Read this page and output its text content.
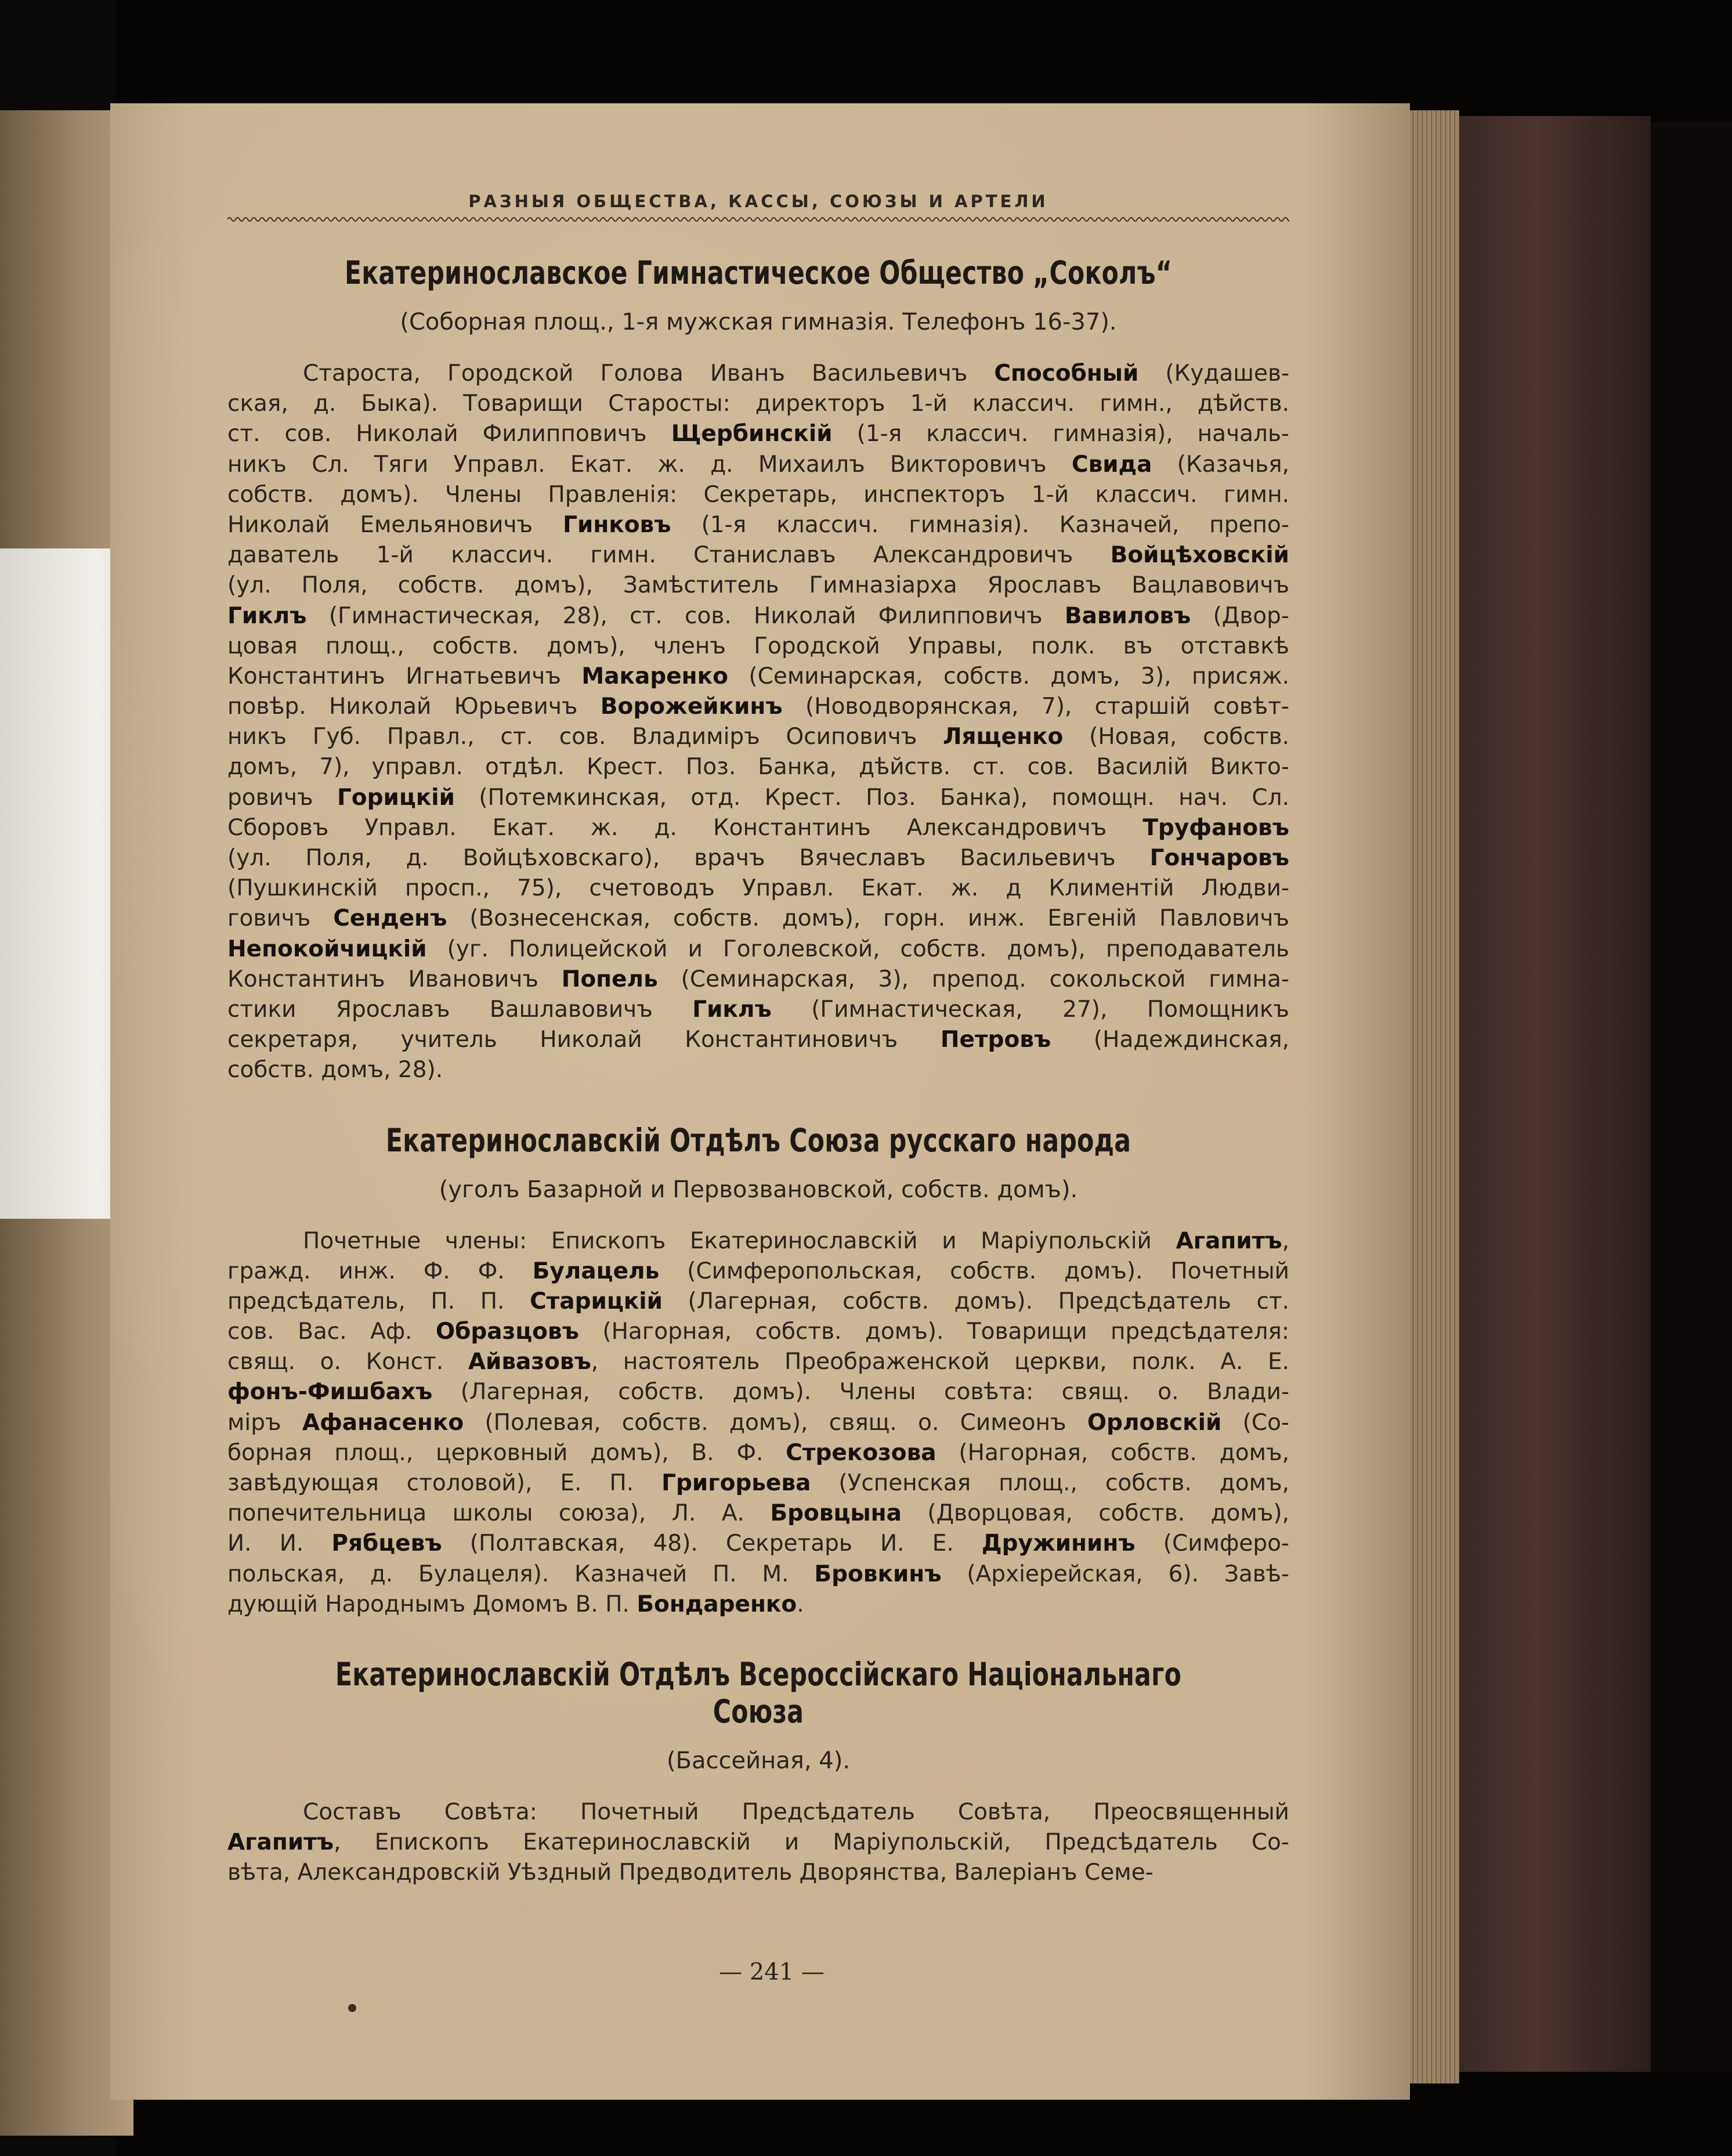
РАЗНЫЯ ОБЩЕСТВА, КАССЫ, СОЮЗЫ И АРТЕЛИ
Екатеринославское Гимнастическое Общество „Соколъ“

(Соборная площ., 1-я мужская гимназія. Телефонъ 16-37).

Староста, Городской Голова Иванъ Васильевичъ Способный (Кудашев-
ская, д. Быка). Товарищи Старосты: директоръ 1-й классич. гимн., дѣйств.
ст. сов. Николай Филипповичъ Щербинскій (1-я классич. гимназія), началь-
никъ Сл. Тяги Управл. Екат. ж. д. Михаилъ Викторовичъ Свида (Казачья,
собств. домъ). Члены Правленія: Секретарь, инспекторъ 1-й классич. гимн.
Николай Емельяновичъ Гинковъ (1-я классич. гимназія). Казначей, препо-
даватель 1-й классич. гимн. Станиславъ Александровичъ Войцѣховскій
(ул. Поля, собств. домъ), Замѣститель Гимназіарха Ярославъ Вацлавовичъ
Гиклъ (Гимнастическая, 28), ст. сов. Николай Филипповичъ Вавиловъ (Двор-
цовая площ., собств. домъ), членъ Городской Управы, полк. въ отставкѣ
Константинъ Игнатьевичъ Макаренко (Семинарская, собств. домъ, 3), присяж.
повѣр. Николай Юрьевичъ Ворожейкинъ (Новодворянская, 7), старшій совѣт-
никъ Губ. Правл., ст. сов. Владиміръ Осиповичъ Лященко (Новая, собств.
домъ, 7), управл. отдѣл. Крест. Поз. Банка, дѣйств. ст. сов. Василій Викто-
ровичъ Горицкій (Потемкинская, отд. Крест. Поз. Банка), помощн. нач. Сл.
Сборовъ Управл. Екат. ж. д. Константинъ Александровичъ Труфановъ
(ул. Поля, д. Войцѣховскаго), врачъ Вячеславъ Васильевичъ Гончаровъ
(Пушкинскій просп., 75), счетоводъ Управл. Екат. ж. д Климентій Людви-
говичъ Сенденъ (Вознесенская, собств. домъ), горн. инж. Евгеній Павловичъ
Непокойчицкій (уг. Полицейской и Гоголевской, собств. домъ), преподаватель
Константинъ Ивановичъ Попель (Семинарская, 3), препод. сокольской гимна-
стики Ярославъ Вашлавовичъ Гиклъ (Гимнастическая, 27), Помощникъ
секретаря, учитель Николай Константиновичъ Петровъ (Надеждинская,
собств. домъ, 28).
Екатеринославскій Отдѣлъ Союза русскаго народа

(уголъ Базарной и Первозвановской, собств. домъ).

Почетные члены: Епископъ Екатеринославскій и Маріупольскій Агапитъ,
гражд. инж. Ф. Ф. Булацель (Симферопольская, собств. домъ). Почетный
предсѣдатель, П. П. Старицкій (Лагерная, собств. домъ). Предсѣдатель ст.
сов. Вас. Аф. Образцовъ (Нагорная, собств. домъ). Товарищи предсѣдателя:
свящ. о. Конст. Айвазовъ, настоятель Преображенской церкви, полк. А. Е.
фонъ-Фишбахъ (Лагерная, собств. домъ). Члены совѣта: свящ. о. Влади-
міръ Афанасенко (Полевая, собств. домъ), свящ. о. Симеонъ Орловскій (Со-
борная площ., церковный домъ), В. Ф. Стрекозова (Нагорная, собств. домъ,
завѣдующая столовой), Е. П. Григорьева (Успенская площ., собств. домъ,
попечительница школы союза), Л. А. Бровцына (Дворцовая, собств. домъ),
И. И. Рябцевъ (Полтавская, 48). Секретарь И. Е. Дружининъ (Симферо-
польская, д. Булацеля). Казначей П. М. Бровкинъ (Архіерейская, 6). Завѣ-
дующій Народнымъ Домомъ В. П. Бондаренко.
Екатеринославскій Отдѣлъ Всероссійскаго Національнаго Союза

(Бассейная, 4).

Составъ Совѣта: Почетный Предсѣдатель Совѣта, Преосвященный
Агапитъ, Епископъ Екатеринославскій и Маріупольскій, Предсѣдатель Со-
вѣта, Александровскій Уѣздный Предводитель Дворянства, Валеріанъ Семе-
— 241 —
